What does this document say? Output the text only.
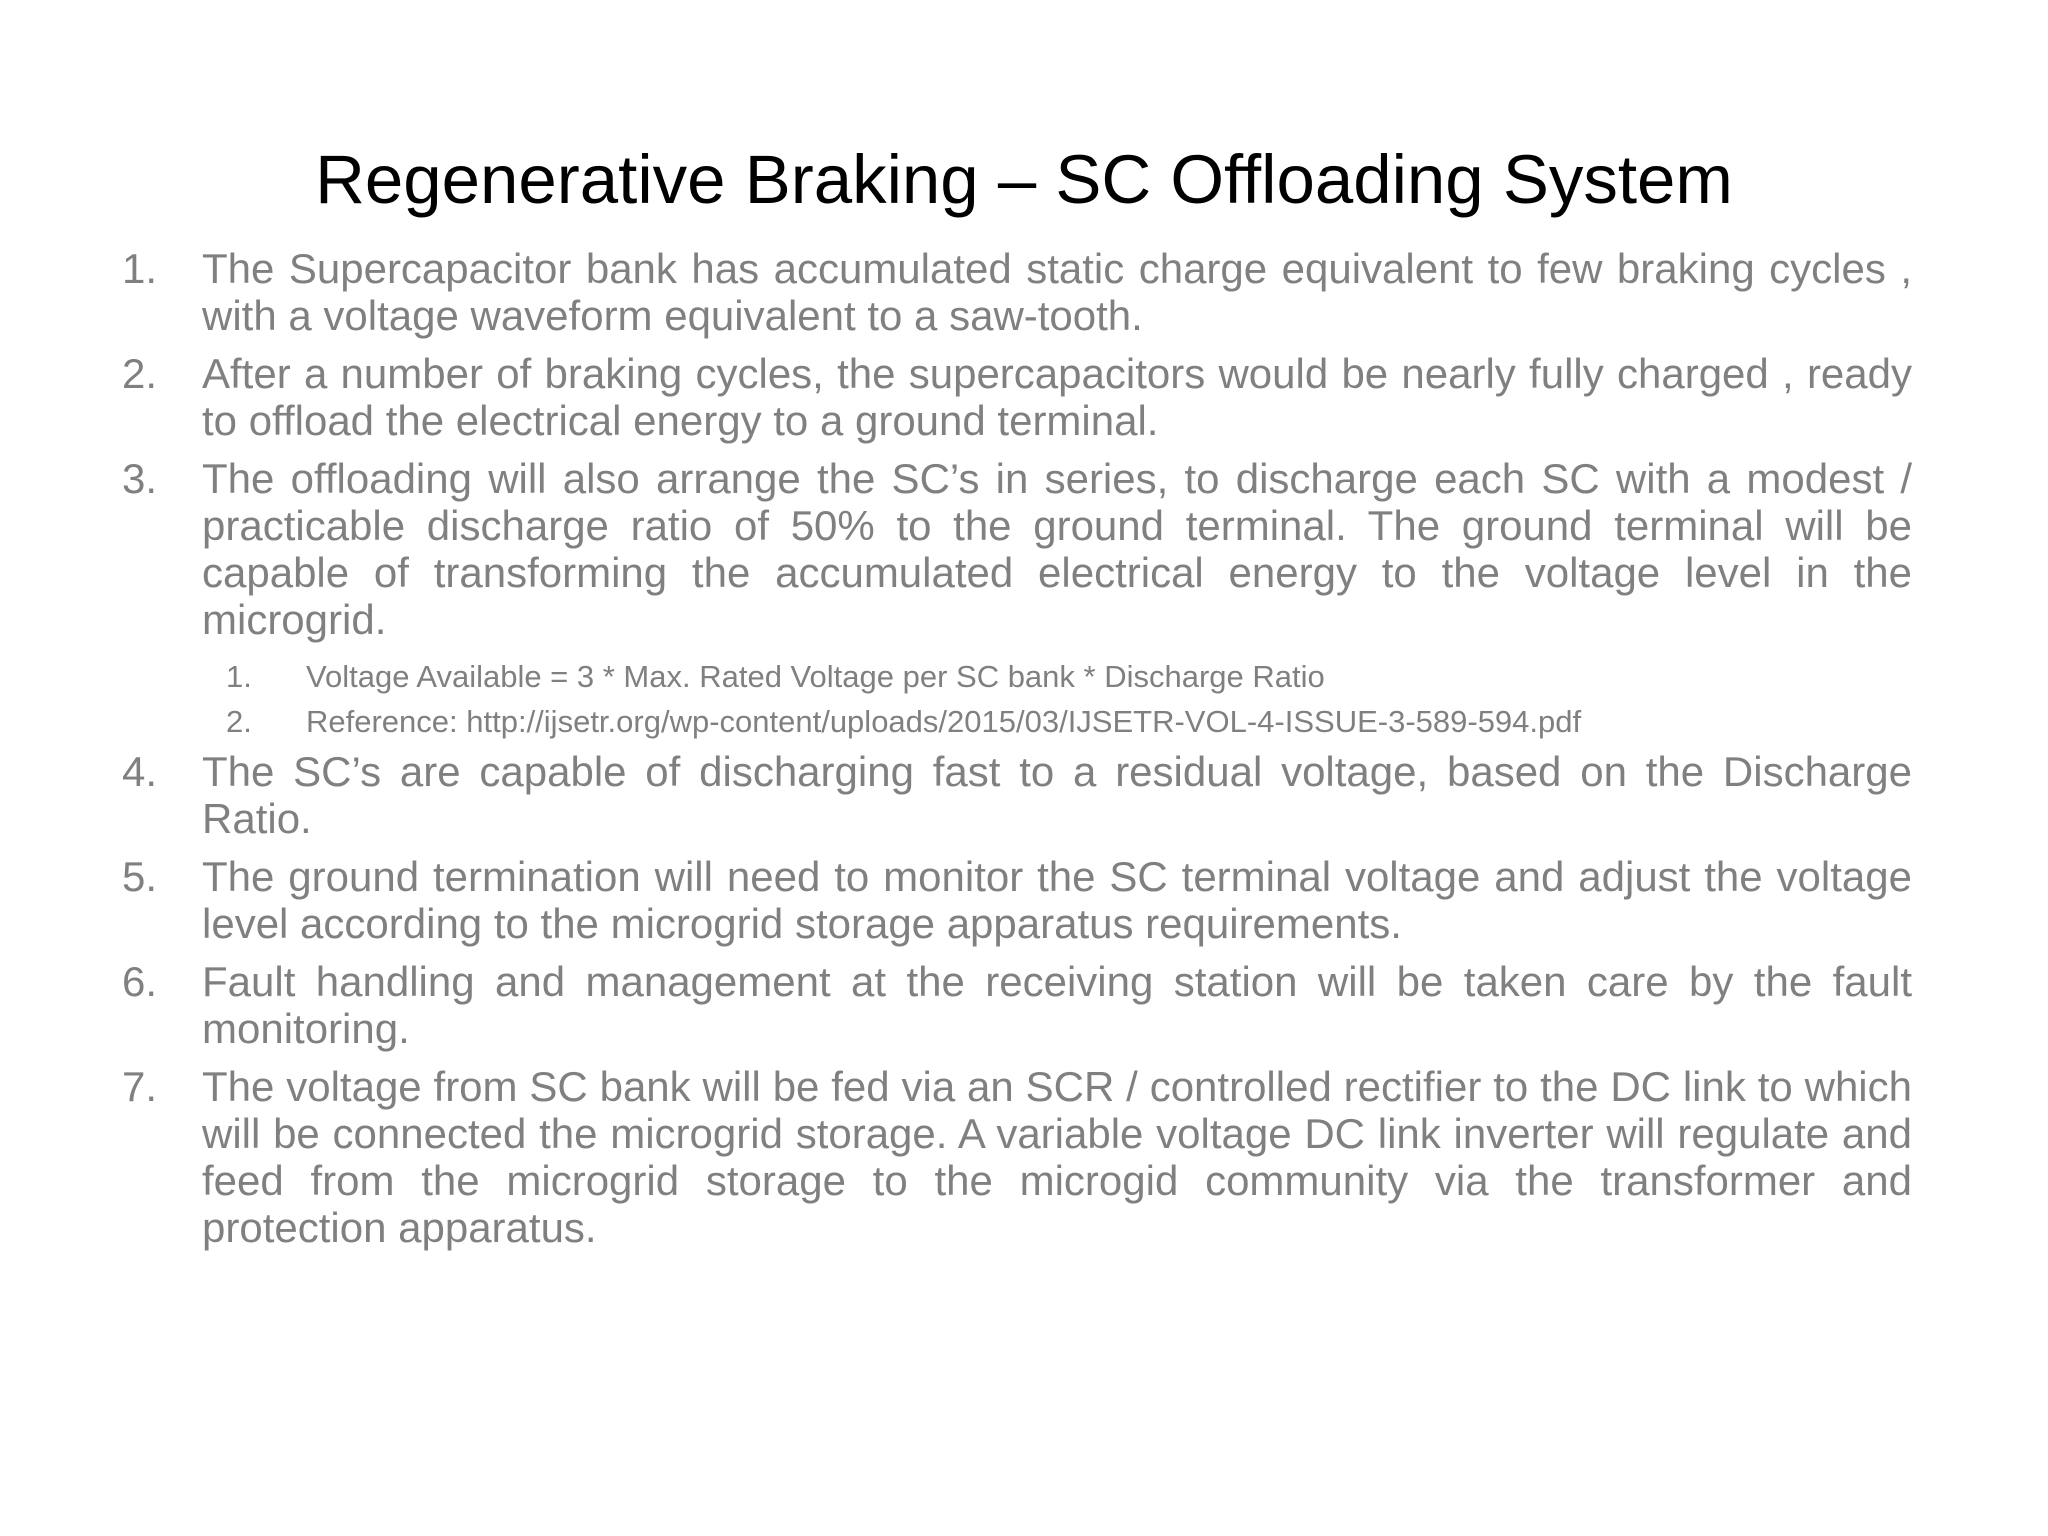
Regenerative Braking – SC Offloading System
1.	The Supercapacitor bank has accumulated static charge equivalent to few braking cycles , with a voltage waveform equivalent to a saw-tooth.
2.	After a number of braking cycles, the supercapacitors would be nearly fully charged , ready to offload the electrical energy to a ground terminal.
3.	The offloading will also arrange the SC’s in series, to discharge each SC with a modest / practicable discharge ratio of 50% to the ground terminal. The ground terminal will be capable of transforming the accumulated electrical energy to the voltage level in the microgrid.
1. Voltage Available = 3 * Max. Rated Voltage per SC bank * Discharge Ratio
2. Reference: http://ijsetr.org/wp-content/uploads/2015/03/IJSETR-VOL-4-ISSUE-3-589-594.pdf
4.	The SC’s are capable of discharging fast to a residual voltage, based on the Discharge Ratio.
5.	The ground termination will need to monitor the SC terminal voltage and adjust the voltage level according to the microgrid storage apparatus requirements.
6.	Fault handling and management at the receiving station will be taken care by the fault monitoring.
7.	The voltage from SC bank will be fed via an SCR / controlled rectifier to the DC link to which will be connected the microgrid storage. A variable voltage DC link inverter will regulate and feed from the microgrid storage to the microgid community via the transformer and protection apparatus.
